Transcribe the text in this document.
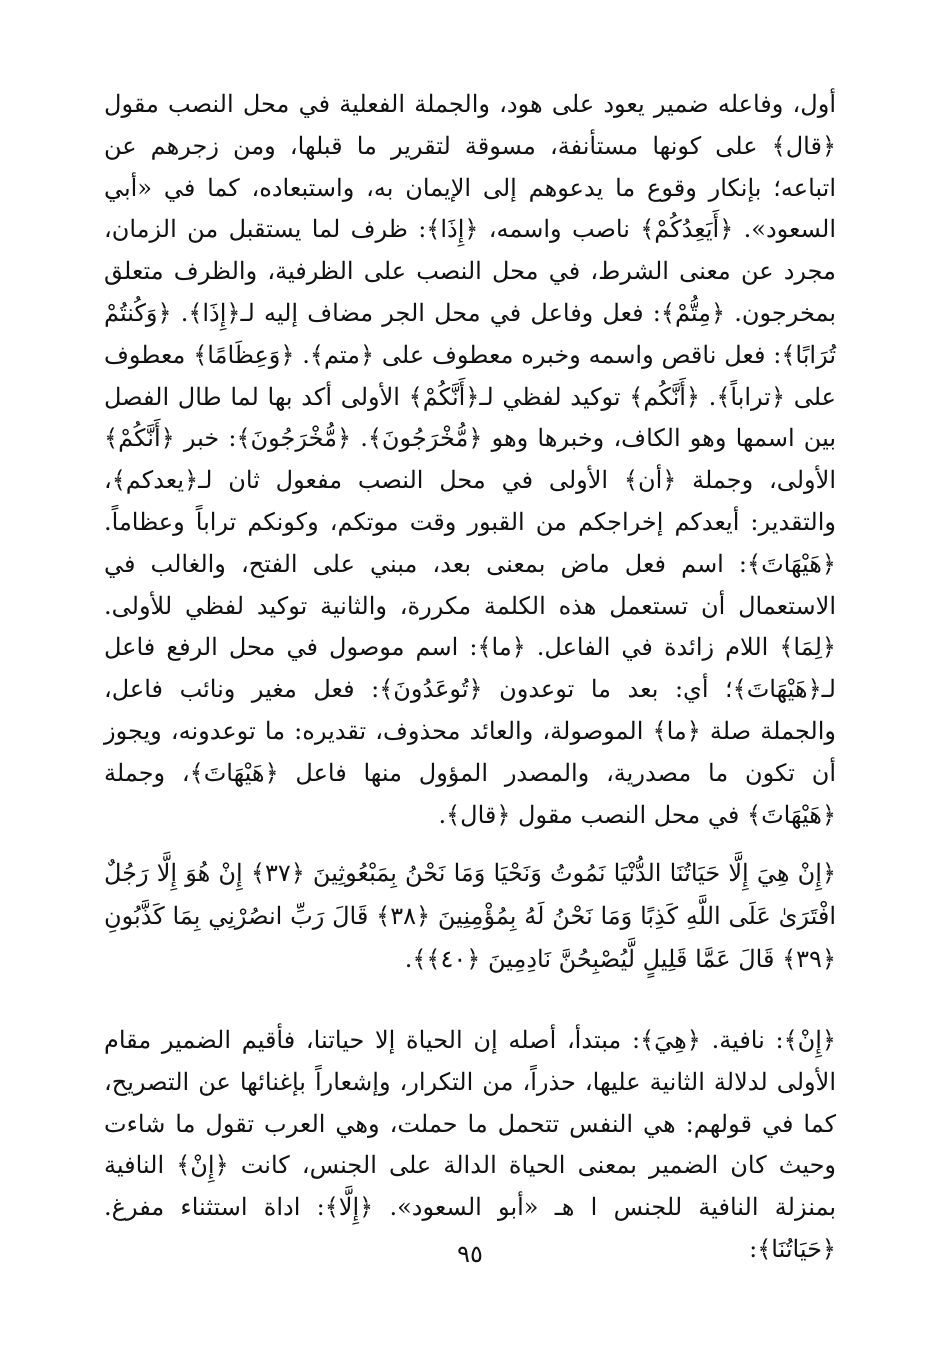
أول، وفاعله ضمير يعود على هود، والجملة الفعلية في محل النصب مقول ﴿قال﴾ على كونها مستأنفة، مسوقة لتقرير ما قبلها، ومن زجرهم عن اتباعه؛ بإنكار وقوع ما يدعوهم إلى الإيمان به، واستبعاده، كما في «أبي السعود». ﴿أَيَعِدُكُمْ﴾ ناصب واسمه، ﴿إِذَا﴾: ظرف لما يستقبل من الزمان، مجرد عن معنى الشرط، في محل النصب على الظرفية، والظرف متعلق بمخرجون. ﴿مِتُّمْ﴾: فعل وفاعل في محل الجر مضاف إليه لـ﴿إِذَا﴾. ﴿وَكُنتُمْ تُرَابًا﴾: فعل ناقص واسمه وخبره معطوف على ﴿متم﴾. ﴿وَعِظَامًا﴾ معطوف على ﴿تراباً﴾. ﴿أَنَّكُم﴾ توكيد لفظي لـ﴿أَنَّكُمْ﴾ الأولى أكد بها لما طال الفصل بين اسمها وهو الكاف، وخبرها وهو ﴿مُّخْرَجُونَ﴾. ﴿مُّخْرَجُونَ﴾: خبر ﴿أَنَّكُمْ﴾ الأولى، وجملة ﴿أن﴾ الأولى في محل النصب مفعول ثان لـ﴿يعدكم﴾، والتقدير: أيعدكم إخراجكم من القبور وقت موتكم، وكونكم تراباً وعظاماً. ﴿هَيْهَاتَ﴾: اسم فعل ماض بمعنى بعد، مبني على الفتح، والغالب في الاستعمال أن تستعمل هذه الكلمة مكررة، والثانية توكيد لفظي للأولى. ﴿لِمَا﴾ اللام زائدة في الفاعل. ﴿ما﴾: اسم موصول في محل الرفع فاعل لـ﴿هَيْهَاتَ﴾؛ أي: بعد ما توعدون ﴿تُوعَدُونَ﴾: فعل مغير ونائب فاعل، والجملة صلة ﴿ما﴾ الموصولة، والعائد محذوف، تقديره: ما توعدونه، ويجوز أن تكون ما مصدرية، والمصدر المؤول منها فاعل ﴿هَيْهَاتَ﴾، وجملة ﴿هَيْهَاتَ﴾ في محل النصب مقول ﴿قال﴾.

﴿إِنْ هِيَ إِلَّا حَيَاتُنَا الدُّنْيَا نَمُوتُ وَنَحْيَا وَمَا نَحْنُ بِمَبْعُوثِينَ ﴿٣٧﴾ إِنْ هُوَ إِلَّا رَجُلٌ افْتَرَىٰ عَلَى اللَّهِ كَذِبًا وَمَا نَحْنُ لَهُ بِمُؤْمِنِينَ ﴿٣٨﴾ قَالَ رَبِّ انصُرْنِي بِمَا كَذَّبُونِ ﴿٣٩﴾ قَالَ عَمَّا قَلِيلٍ لَّيُصْبِحُنَّ نَادِمِينَ ﴿٤٠﴾﴾.

﴿إِنْ﴾: نافية. ﴿هِيَ﴾: مبتدأ، أصله إن الحياة إلا حياتنا، فأقيم الضمير مقام الأولى لدلالة الثانية عليها، حذراً، من التكرار، وإشعاراً بإغنائها عن التصريح، كما في قولهم: هي النفس تتحمل ما حملت، وهي العرب تقول ما شاءت وحيث كان الضمير بمعنى الحياة الدالة على الجنس، كانت ﴿إِنْ﴾ النافية بمنزلة النافية للجنس ا هـ «أبو السعود». ﴿إِلَّا﴾: اداة استثناء مفرغ. ﴿حَيَاتُنَا﴾:

٩٥
